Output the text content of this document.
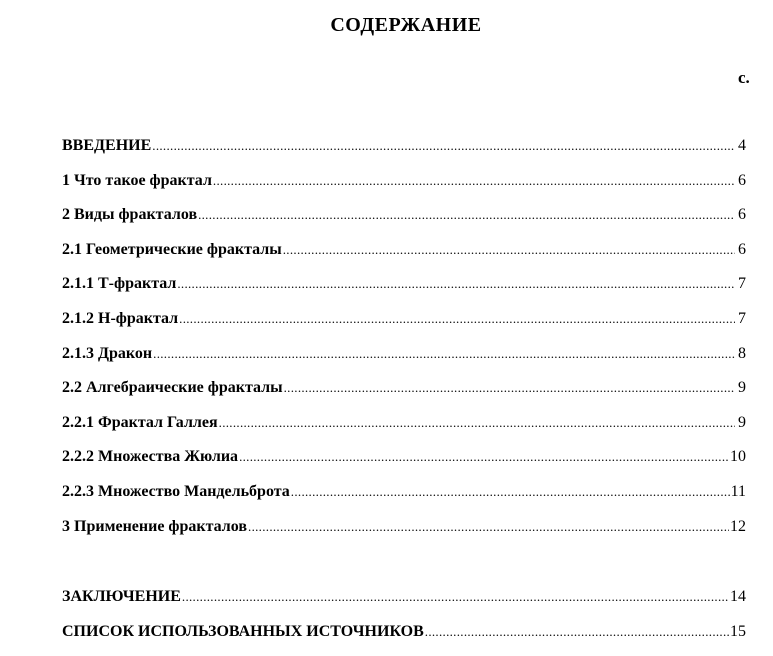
СОДЕРЖАНИЕ
с.
ВВЕДЕНИЕ .....	4
1 Что такое фрактал .....	6
2 Виды фракталов .....	6
2.1 Геометрические фракталы .....	6
2.1.1 Т-фрактал .....	7
2.1.2 Н-фрактал .....	7
2.1.3 Дракон .....	8
2.2 Алгебраические фракталы .....	9
2.2.1 Фрактал Галлея .....	9
2.2.2 Множества Жюлиа .....	10
2.2.3 Множество Мандельброта .....	11
3 Применение фракталов .....	12
ЗАКЛЮЧЕНИЕ .....	14
СПИСОК ИСПОЛЬЗОВАННЫХ ИСТОЧНИКОВ .....	15
